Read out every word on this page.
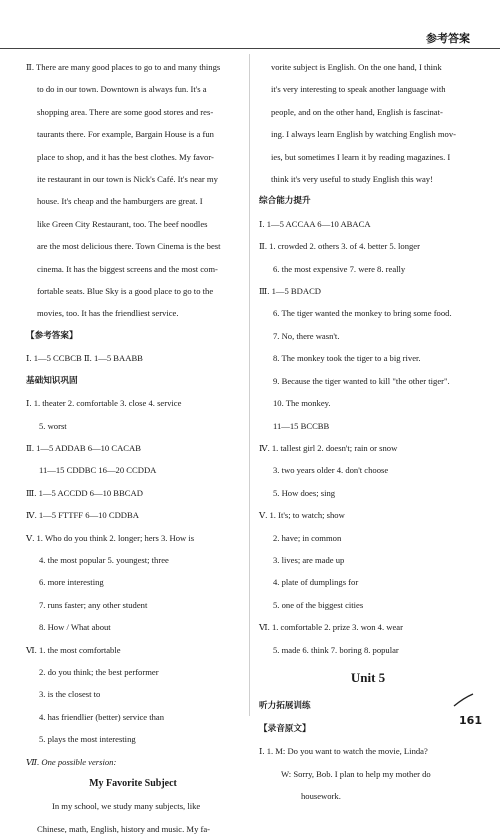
参考答案

Ⅱ. There are many good places to go to and many things

to do in our town. Downtown is always fun. It's a

shopping area. There are some good stores and res-

taurants there. For example, Bargain House is a fun

place to shop, and it has the best clothes. My favor-

ite restaurant in our town is Nick's Café. It's near my

house. It's cheap and the hamburgers are great. I

like Green City Restaurant, too. The beef noodles

are the most delicious there. Town Cinema is the best

cinema. It has the biggest screens and the most com-

fortable seats. Blue Sky is a good place to go to the

movies, too. It has the friendliest service.

【参考答案】

Ⅰ. 1—5 CCBCB Ⅱ. 1—5 BAABB

基础知识巩固

Ⅰ. 1. theater 2. comfortable 3. close 4. service

5. worst

Ⅱ. 1—5 ADDAB 6—10 CACAB

11—15 CDDBC 16—20 CCDDA

Ⅲ. 1—5 ACCDD 6—10 BBCAD

Ⅳ. 1—5 FTTFF 6—10 CDDBA

Ⅴ. 1. Who do you think 2. longer; hers 3. How is

4. the most popular 5. youngest; three

6. more interesting

7. runs faster; any other student

8. How / What about

Ⅵ. 1. the most comfortable

2. do you think; the best performer

3. is the closest to

4. has friendlier (better) service than

5. plays the most interesting

Ⅶ. One possible version:

My Favorite Subject

In my school, we study many subjects, like

Chinese, math, English, history and music. My fa-

vorite subject is English. On the one hand, I think

it's very interesting to speak another language with

people, and on the other hand, English is fascinat-

ing. I always learn English by watching English mov-

ies, but sometimes I learn it by reading magazines. I

think it's very useful to study English this way!

综合能力提升

Ⅰ. 1—5 ACCAA 6—10 ABACA

Ⅱ. 1. crowded 2. others 3. of 4. better 5. longer

6. the most expensive 7. were 8. really

Ⅲ. 1—5 BDACD

6. The tiger wanted the monkey to bring some food.

7. No, there wasn't.

8. The monkey took the tiger to a big river.

9. Because the tiger wanted to kill "the other tiger".

10. The monkey.

11—15 BCCBB

Ⅳ. 1. tallest girl 2. doesn't; rain or snow

3. two years older 4. don't choose

5. How does; sing

Ⅴ. 1. It's; to watch; show

2. have; in common

3. lives; are made up

4. plate of dumplings for

5. one of the biggest cities

Ⅵ. 1. comfortable 2. prize 3. won 4. wear

5. made 6. think 7. boring 8. popular

Unit 5

听力拓展训练

【录音原文】

Ⅰ. 1. M: Do you want to watch the movie, Linda?

W: Sorry, Bob. I plan to help my mother do

housework.

161
